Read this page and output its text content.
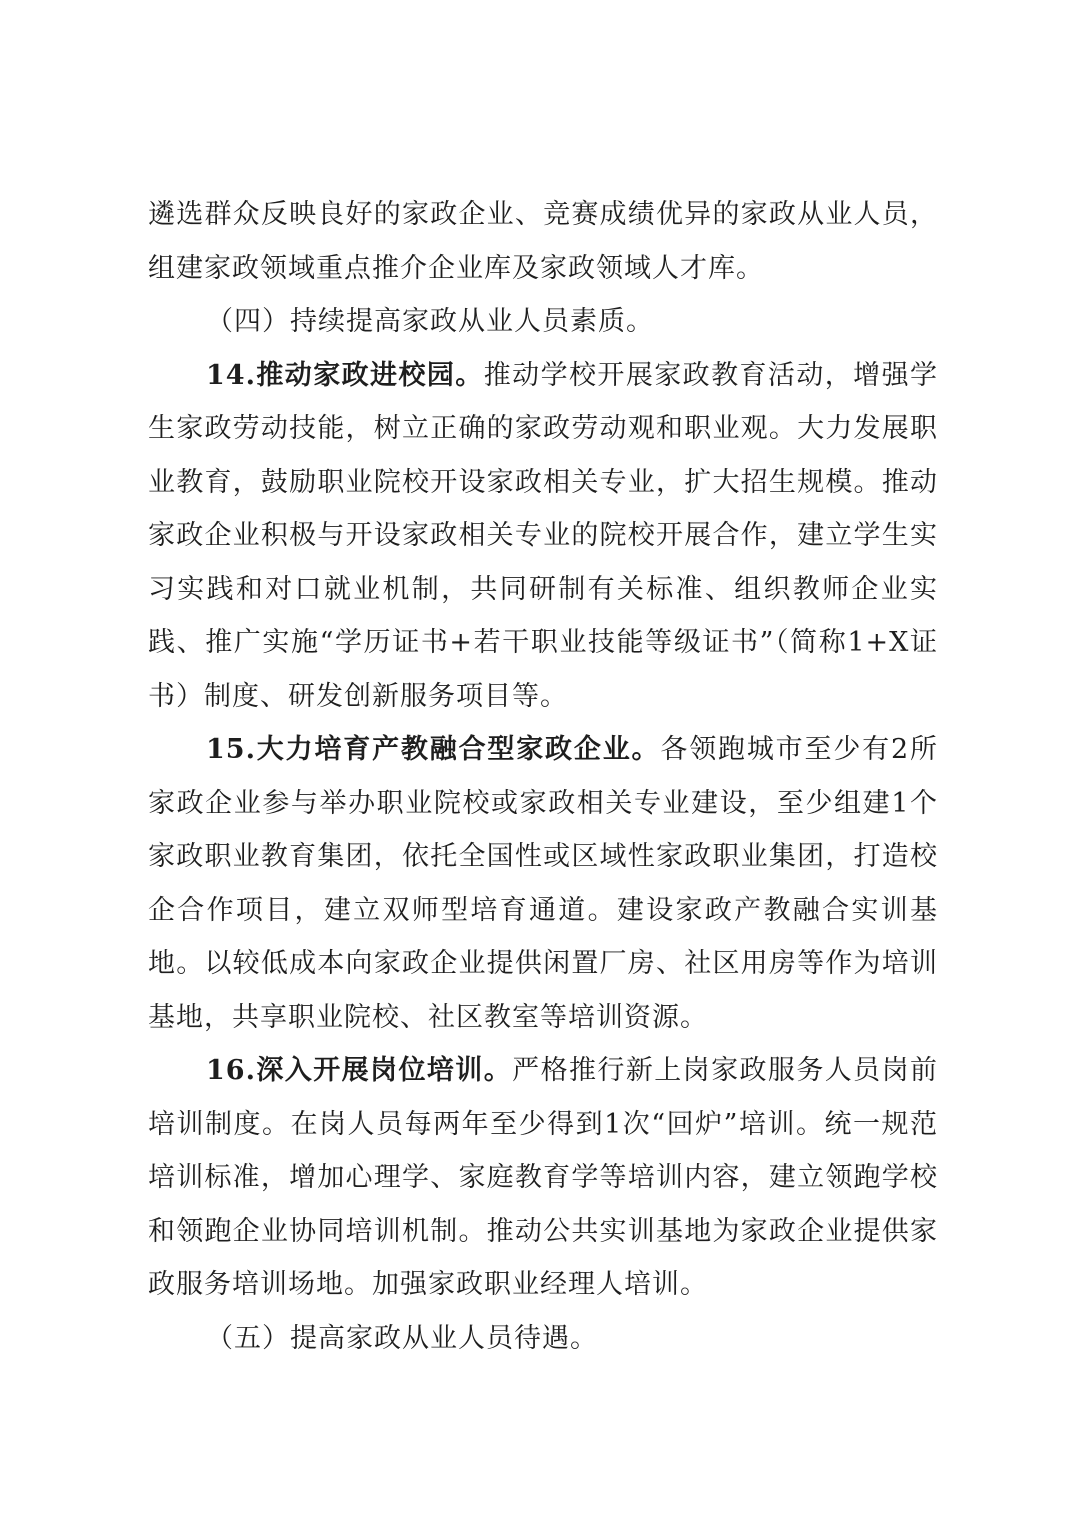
遴选群众反映良好的家政企业、竞赛成绩优异的家政从业人员，组建家政领域重点推介企业库及家政领域人才库。

（四）持续提高家政从业人员素质。

14.推动家政进校园。推动学校开展家政教育活动，增强学生家政劳动技能，树立正确的家政劳动观和职业观。大力发展职业教育，鼓励职业院校开设家政相关专业，扩大招生规模。推动家政企业积极与开设家政相关专业的院校开展合作，建立学生实习实践和对口就业机制，共同研制有关标准、组织教师企业实践、推广实施“学历证书+若干职业技能等级证书”（简称1+X证书）制度、研发创新服务项目等。

15.大力培育产教融合型家政企业。各领跑城市至少有2所家政企业参与举办职业院校或家政相关专业建设，至少组建1个家政职业教育集团，依托全国性或区域性家政职业集团，打造校企合作项目，建立双师型培育通道。建设家政产教融合实训基地。以较低成本向家政企业提供闲置厂房、社区用房等作为培训基地，共享职业院校、社区教室等培训资源。

16.深入开展岗位培训。严格推行新上岗家政服务人员岗前培训制度。在岗人员每两年至少得到1次“回炉”培训。统一规范培训标准，增加心理学、家庭教育学等培训内容，建立领跑学校和领跑企业协同培训机制。推动公共实训基地为家政企业提供家政服务培训场地。加强家政职业经理人培训。

（五）提高家政从业人员待遇。
